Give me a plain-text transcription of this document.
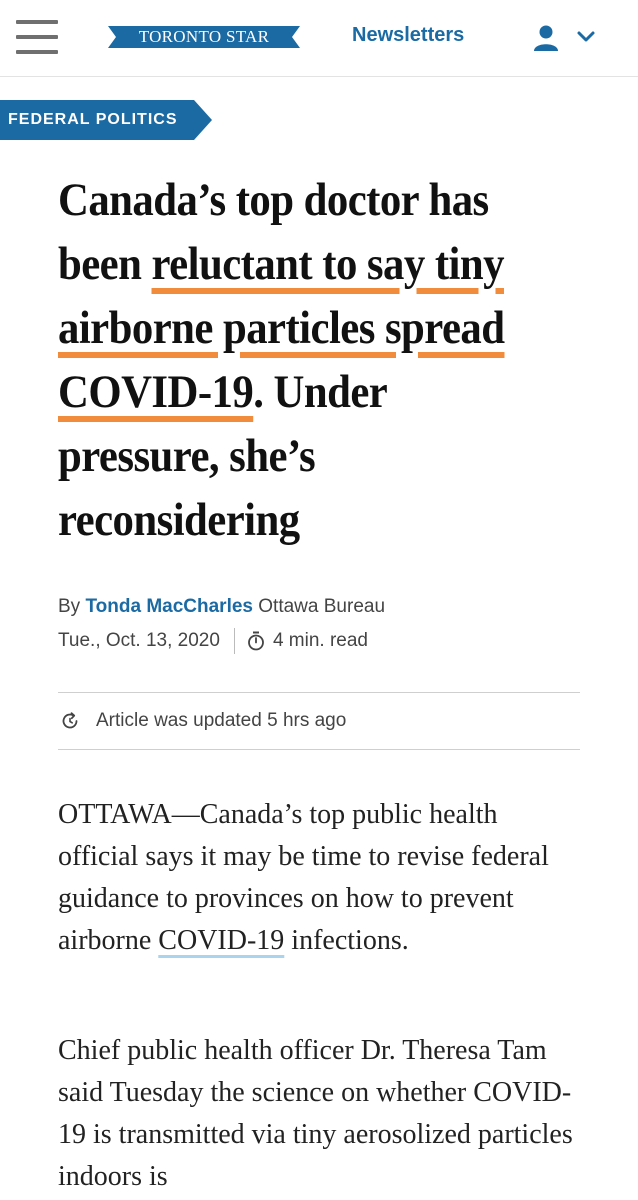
TORONTO STAR	Newsletters
FEDERAL POLITICS
Canada’s top doctor has been reluctant to say tiny airborne particles spread COVID-19. Under pressure, she’s reconsidering
By Tonda MacCharles Ottawa Bureau
Tue., Oct. 13, 2020	4 min. read
Article was updated 5 hrs ago

OTTAWA—Canada’s top public health official says it may be time to revise federal guidance to provinces on how to prevent airborne COVID-19 infections.

Chief public health officer Dr. Theresa Tam said Tuesday the science on whether COVID-19 is transmitted via tiny aerosolized particles indoors is
